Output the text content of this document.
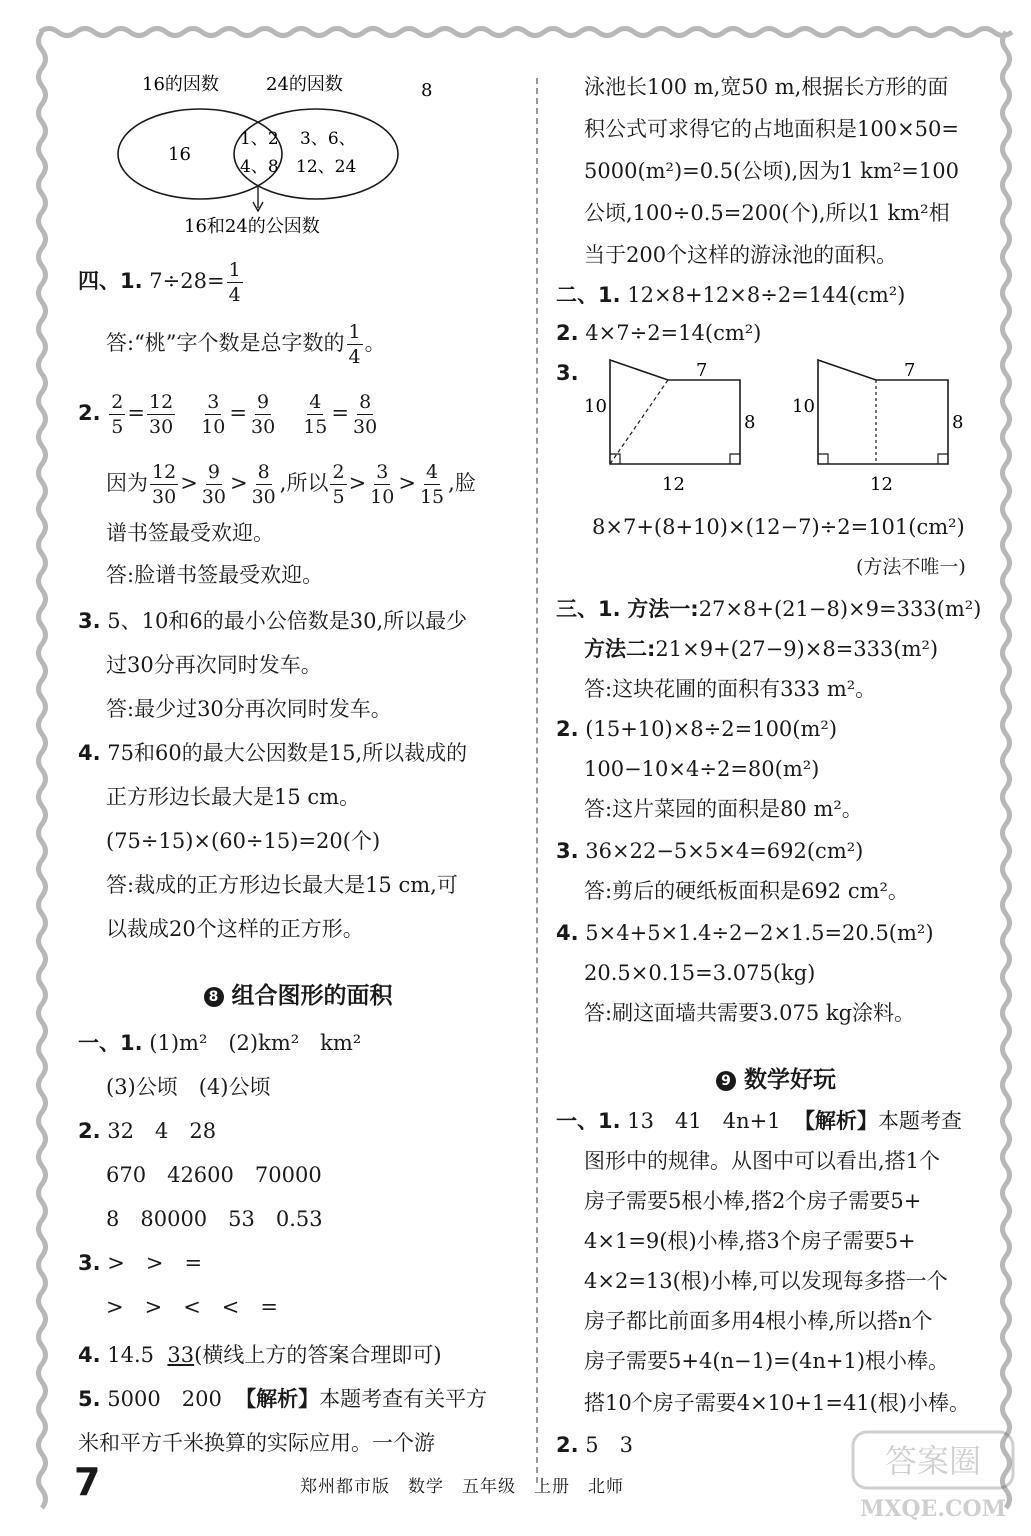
16的因数	24的因数	8
16
1、2
4、8
3、6、
12、24
16和24的公因数
四、1. $7\div 28= \frac{1}{4}$
答:“桃”字个数是总字数的 $\frac{1}{4}$ 。
2. $\frac{2}{5} = \frac{12}{30}$
$\frac{3}{10} = \frac{9}{30}$
$\frac{4}{15} = \frac{8}{30}$
因为 $\frac{12}{30} > \frac{9}{30} > \frac{8}{30}$ ,所以 $\frac{2}{5} > \frac{3}{10} > \frac{4}{15}$ ,脸
谱书签最受欢迎。
答:脸谱书签最受欢迎。
3. 5、10和6的最小公倍数是30,所以最少
过30分再次同时发车。
答:最少过30分再次同时发车。
4. 75和60的最大公因数是15,所以裁成的
正方形边长最大是15 cm。
(75÷15)×(60÷15)=20(个)
答:裁成的正方形边长最大是15 cm,可
以裁成20个这样的正方形。
8 组合图形的面积
一、1. (1)m²　(2)km²　km²
(3)公顷　(4)公顷
2. 32　4　28
670　42600　70000
8　80000　53　0.53
3. >　>　=
>　>　<　<　=
4. 14.5 33(横线上方的答案合理即可)
5. 5000　200 【解析】本题考查有关平方
米和平方千米换算的实际应用。一个游
泳池长100 m,宽50 m,根据长方形的面
积公式可求得它的占地面积是100×50=
5000(m²)=0.5(公顷),因为1 km²=100
公顷,100÷0.5=200(个),所以1 km²相
当于200个这样的游泳池的面积。
二、1. 12×8+12×8÷2=144(cm²)
2. 4×7÷2=14(cm²)
3.	7
10
8
12
7
10
8
12
8×7+(8+10)×(12−7)÷2=101(cm²)
(方法不唯一)
三、1. 方法一:27×8+(21−8)×9=333(m²)
方法二:21×9+(27−9)×8=333(m²)
答:这块花圃的面积有333 m²。
2. (15+10)×8÷2=100(m²)
100−10×4÷2=80(m²)
答:这片菜园的面积是80 m²。
3. 36×22−5×5×4=692(cm²)
答:剪后的硬纸板面积是692 cm²。
4. 5×4+5×1.4÷2−2×1.5=20.5(m²)
20.5×0.15=3.075(kg)
答:刷这面墙共需要3.075 kg涂料。
9 数学好玩
一、1. 13　41　4n+1 【解析】本题考查
图形中的规律。从图中可以看出,搭1个
房子需要5根小棒,搭2个房子需要5+
4×1=9(根)小棒,搭3个房子需要5+
4×2=13(根)小棒,可以发现每多搭一个
房子都比前面多用4根小棒,所以搭n个
房子需要5+4(n−1)=(4n+1)根小棒。
搭10个房子需要4×10+1=41(根)小棒。
2. 5　3
7	郑州都市版　数学　五年级　上册　北师
答案圈
MXQE.COM
